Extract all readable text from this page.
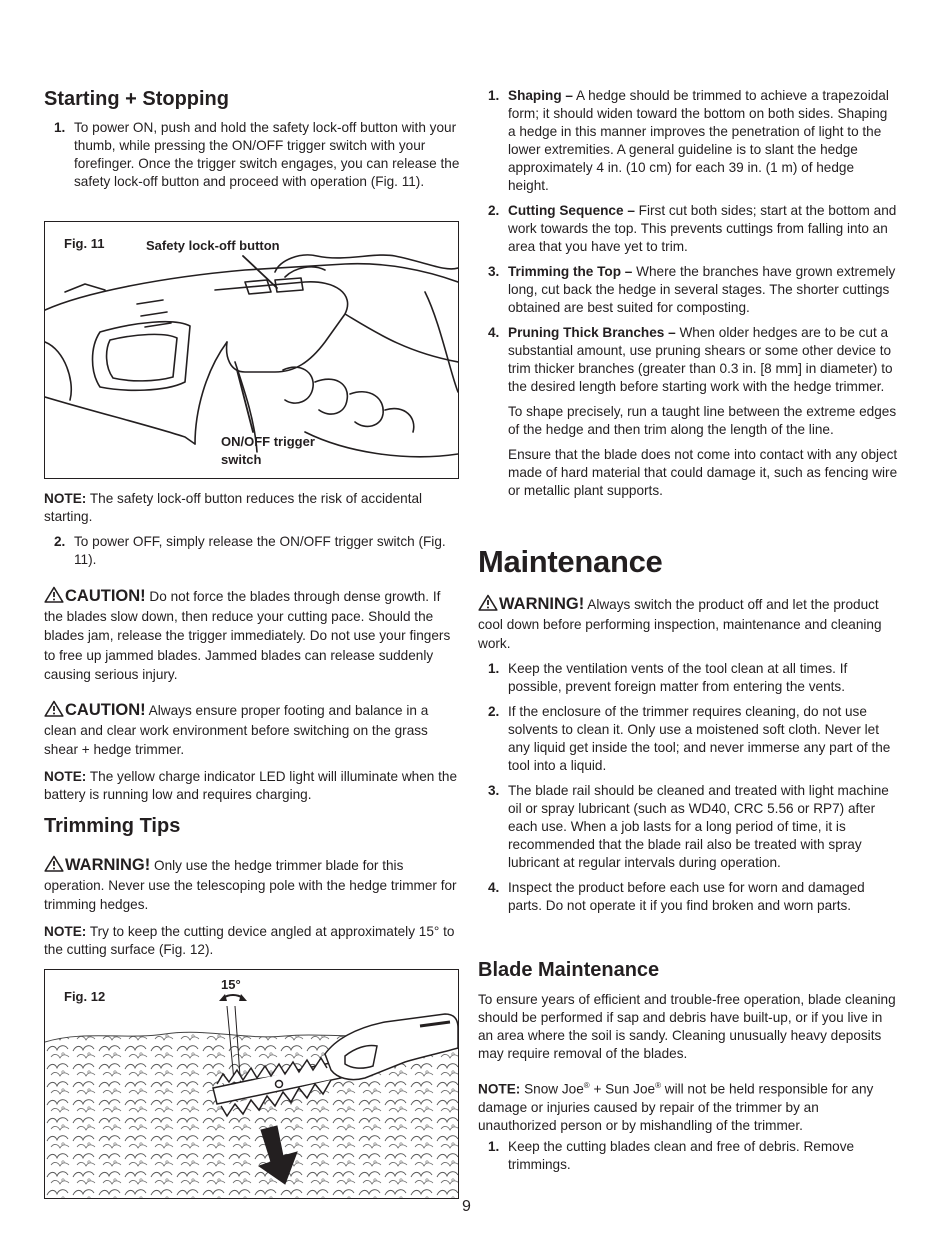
Starting + Stopping
1. To power ON, push and hold the safety lock-off button with your thumb, while pressing the ON/OFF trigger switch with your forefinger. Once the trigger switch engages, you can release the safety lock-off button and proceed with operation (Fig. 11).
Fig. 11	Safety lock-off button
ON/OFF trigger
switch

NOTE: The safety lock-off button reduces the risk of accidental starting.

2. To power OFF, simply release the ON/OFF trigger switch (Fig. 11).

CAUTION! Do not force the blades through dense growth. If the blades slow down, then reduce your cutting pace. Should the blades jam, release the trigger immediately. Do not use your fingers to free up jammed blades. Jammed blades can release suddenly causing serious injury.

CAUTION! Always ensure proper footing and balance in a clean and clear work environment before switching on the grass shear + hedge trimmer.

NOTE: The yellow charge indicator LED light will illuminate when the battery is running low and requires charging.

Trimming Tips

WARNING! Only use the hedge trimmer blade for this operation. Never use the telescoping pole with the hedge trimmer for trimming hedges.

NOTE: Try to keep the cutting device angled at approximately 15° to the cutting surface (Fig. 12).

Fig. 12
15°
1. Shaping – A hedge should be trimmed to achieve a trapezoidal form; it should widen toward the bottom on both sides. Shaping a hedge in this manner improves the penetration of light to the lower extremities. A general guideline is to slant the hedge approximately 4 in. (10 cm) for each 39 in. (1 m) of hedge height.
2. Cutting Sequence – First cut both sides; start at the bottom and work towards the top. This prevents cuttings from falling into an area that you have yet to trim.
3. Trimming the Top – Where the branches have grown extremely long, cut back the hedge in several stages. The shorter cuttings obtained are best suited for composting.
4. Pruning Thick Branches – When older hedges are to be cut a substantial amount, use pruning shears or some other device to trim thicker branches (greater than 0.3 in. [8 mm] in diameter) to the desired length before starting work with the hedge trimmer.

To shape precisely, run a taught line between the extreme edges of the hedge and then trim along the length of the line.

Ensure that the blade does not come into contact with any object made of hard material that could damage it, such as fencing wire or metallic plant supports.

Maintenance

WARNING! Always switch the product off and let the product cool down before performing inspection, maintenance and cleaning work.

1. Keep the ventilation vents of the tool clean at all times. If possible, prevent foreign matter from entering the vents.
2. If the enclosure of the trimmer requires cleaning, do not use solvents to clean it. Only use a moistened soft cloth. Never let any liquid get inside the tool; and never immerse any part of the tool into a liquid.
3. The blade rail should be cleaned and treated with light machine oil or spray lubricant (such as WD40, CRC 5.56 or RP7) after each use. When a job lasts for a long period of time, it is recommended that the blade rail also be treated with spray lubricant at regular intervals during operation.
4. Inspect the product before each use for worn and damaged parts. Do not operate it if you find broken and worn parts.
Blade Maintenance

To ensure years of efficient and trouble-free operation, blade cleaning should be performed if sap and debris have built-up, or if you live in an area where the soil is sandy. Cleaning unusually heavy deposits may require removal of the blades.

NOTE: Snow Joe® + Sun Joe® will not be held responsible for any damage or injuries caused by repair of the trimmer by an unauthorized person or by mishandling of the trimmer.

1. Keep the cutting blades clean and free of debris. Remove trimmings.
9
